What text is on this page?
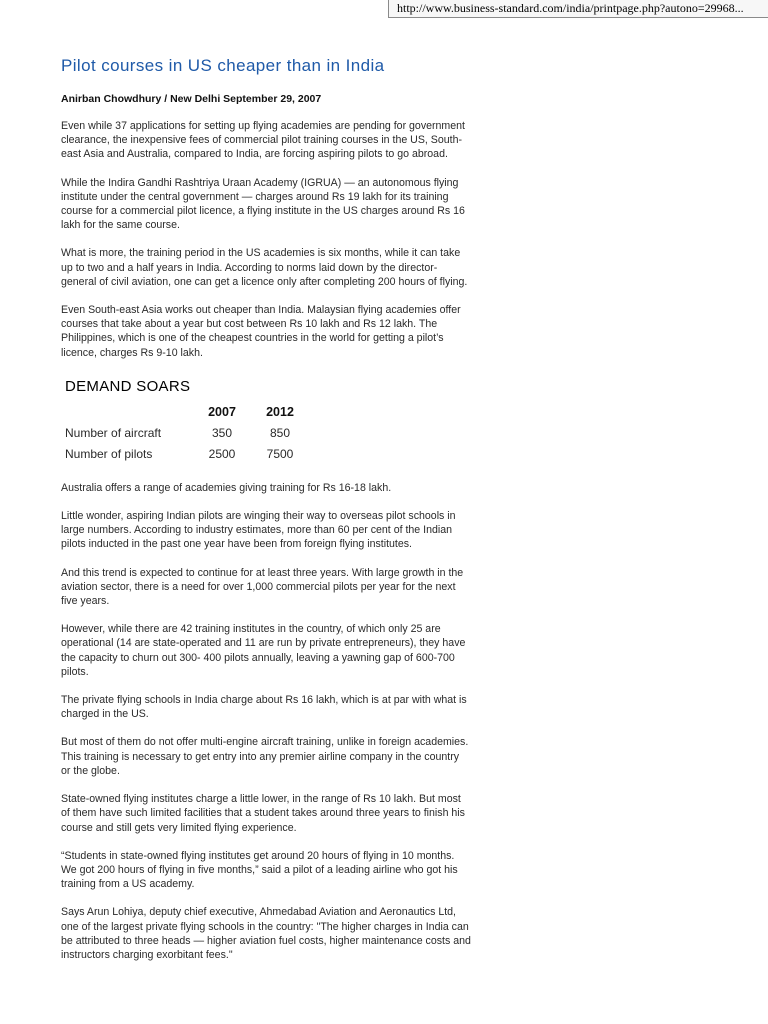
http://www.business-standard.com/india/printpage.php?autono=29968...
Pilot courses in US cheaper than in India
Anirban Chowdhury / New Delhi September 29, 2007

Even while 37 applications for setting up flying academies are pending for government clearance, the inexpensive fees of commercial pilot training courses in the US, South-east Asia and Australia, compared to India, are forcing aspiring pilots to go abroad.

While the Indira Gandhi Rashtriya Uraan Academy (IGRUA) — an autonomous flying institute under the central government — charges around Rs 19 lakh for its training course for a commercial pilot licence, a flying institute in the US charges around Rs 16 lakh for the same course.

What is more, the training period in the US academies is six months, while it can take up to two and a half years in India. According to norms laid down by the director-general of civil aviation, one can get a licence only after completing 200 hours of flying.

Even South-east Asia works out cheaper than India. Malaysian flying academies offer courses that take about a year but cost between Rs 10 lakh and Rs 12 lakh. The Philippines, which is one of the cheapest countries in the world for getting a pilot’s licence, charges Rs 9-10 lakh.

DEMAND SOARS
	2007	2012
Number of aircraft	350	850
Number of pilots	2500	7500

Australia offers a range of academies giving training for Rs 16-18 lakh.

Little wonder, aspiring Indian pilots are winging their way to overseas pilot schools in large numbers. According to industry estimates, more than 60 per cent of the Indian pilots inducted in the past one year have been from foreign flying institutes.

And this trend is expected to continue for at least three years. With large growth in the aviation sector, there is a need for over 1,000 commercial pilots per year for the next five years.

However, while there are 42 training institutes in the country, of which only 25 are operational (14 are state-operated and 11 are run by private entrepreneurs), they have the capacity to churn out 300- 400 pilots annually, leaving a yawning gap of 600-700 pilots.

The private flying schools in India charge about Rs 16 lakh, which is at par with what is charged in the US.

But most of them do not offer multi-engine aircraft training, unlike in foreign academies. This training is necessary to get entry into any premier airline company in the country or the globe.

State-owned flying institutes charge a little lower, in the range of Rs 10 lakh. But most of them have such limited facilities that a student takes around three years to finish his course and still gets very limited flying experience.

“Students in state-owned flying institutes get around 20 hours of flying in 10 months. We got 200 hours of flying in five months,” said a pilot of a leading airline who got his training from a US academy.

Says Arun Lohiya, deputy chief executive, Ahmedabad Aviation and Aeronautics Ltd, one of the largest private flying schools in the country: "The higher charges in India can be attributed to three heads — higher aviation fuel costs, higher maintenance costs and instructors charging exorbitant fees."
